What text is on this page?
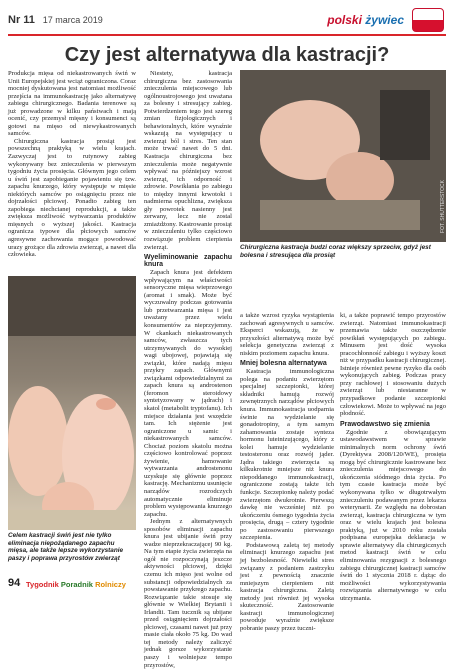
Nr 11 17 marca 2019	polski żywiec
Czy jest alternatywa dla kastracji?

Produkcja mięsa od niekastrowanych świń w Unii Europejskiej jest wciąż ograniczona. Coraz mocniej dyskutowana jest natomiast możliwość przejścia na immunokastrację jako alternatywę zabiegu chirurgicznego. Badania terenowe są już prowadzone w kilku państwach i mają ocenić, czy przemysł mięsny i konsumenci są gotowi na mięso od niewykastrowanych samców.

Chirurgiczna kastracja prosiąt jest powszechną praktyką w wielu krajach. Zazwyczaj jest to rutynowy zabieg wykonywany bez znieczulenia w pierwszym tygodniu życia prosięcia. Głównym jego celem u świń jest zapobieganie pojawieniu się tzw. zapachu knurzego, który występuje w mięsie niektórych samców po osiągnięciu przez nie dojrzałości płciowej. Ponadto zabieg ten zapobiega niechcianej reprodukcji, a także zwiększa możliwość wytwarzania produktów mięsnych o wyższej jakości. Kastracja ogranicza typowe dla płciowych samców agresywne zachowania mogące powodować urazy grożące dla zdrowia zwierząt, a nawet dla człowieka.

Celem kastracji świń jest nie tylko eliminacja niepożądanego zapachu mięsa, ale także lepsze wykorzystanie paszy i poprawa przyrostów zwierząt

Niestety, kastracja chirurgiczna bez zastosowania znieczulenia miejscowego lub ogólnoustrojowego jest uważana za bolesny i stresujący zabieg. Potwierdzeniem tego jest szereg zmian fizjologicznych i behawioralnych, które wyraźnie wskazują na występujący u zwierząt ból i stres. Ten stan może trwać nawet do 5 dni. Kastracja chirurgiczna bez znieczulenia może negatywnie wpływać na późniejszy wzrost zwierząt, ich odporność i zdrowie. Powikłania po zabiegu to między innymi krwotoki i nadmierna opuchlizna, zwiększa gły powrotek nasienny jest zerwany, lecz nie zostal zmiażdżony. Kastrowanie prosiąt w znieczuleniu tylko częściowo rozwiązuje problem cierpienia zwierząt.

Wyeliminowanie zapachu knura

Zapach knura jest defektem wpływającym na właściwości sensoryczne mięsa wieprzowego (aromat i smak). Może być wyczuwalny podczas gotowania lub przetwarzania mięsa i jest uważany przez wielu konsumentów za nieprzyjemny. W ckankach niekastrowanych samców, zwłaszcza tych utrzymywanych do wysokiej wagi ubojowej, pojawiają się związki, które nadają mięsu przykry zapach. Głównymi związkami odpowiedzialnymi za zapach knura są androstenon (feromon steroidowy syntetyzowany w jądrach) i skatol (metabolit tryptofanu). Ich miejsce działania jest wszędzie tam. Ich stężenie jest ograniczone u samic i niekastrowanych samców. Chociaż poziom skatolu można częściowo kontrolować poprzez żywienie, hamowanie wytwarzania androstenonu uzyskuje się głównie poprzez kastrację. Mechanizmu usunięcie narządów rozrodczych automatycznie eliminuje problem występowania knurzego zapachu.

Jednym z alternatywnych sposobów eliminacji zapachu knura jest ubijanie świń przy wadze nieprzekraczającej 90 kg. Na tym etapie życia zwierzęta na ogół nie rozpoczynają jeszcze aktywności płciowej, dzięki czemu ich mięso jest wolne od substancji odpowiedzialnych za powstawanie przykrego zapachu. Rozwiązanie takie stosuje się głównie w Wielkiej Brytanii i Irlandii. Tam tucznik są ubijane przed osiągnięciem dojrzałości płciowej, czasami nawet już przy masie ciała około 75 kg. Do wad tej metody należy zaliczyć jednak gorsze wykorzystanie paszy i wolniejsze tempo przyrostów,

FOT. SHUTTERSTOCK
Chirurgiczna kastracja budzi coraz większy sprzeciw, gdyż jest bolesna i stresująca dla prosiąt

a także wzrost ryzyka wystąpienia zachowań agresywnych u samców. Eksperci wskazują, że w przyszłości alternatywą może być selekcja genetyczna zwierząt z niskim poziomem zapachu knura.

Mniej bolesna alternatywa

Kastracja immunologiczna polega na podaniu zwierzętom specjalnej szczepionki, której składniki hamują rozwój zewnętrznych narządów płciowych knura. Immunokastracja uodparnia świnie na wydzielanie się gonadotropiny, a tym samym zahamowania zostaje synteza hormonu luteinizującego, który z kolei hamuje wydzielanie testosteronu oraz rozwój jąder. Jądra takiego zwierzęcia są kilkukrotnie mniejsze niż knura niepoddanego immunokastracji, ograniczone zostają także ich funkcje. Szczepionkę należy podać zwierzętom dwukrotnie. Pierwszą dawkę nie wcześniej niż po ukończeniu ósmego tygodnia życia prosięcia, drugą – cztery tygodnie po zastosowaniu pierwszego szczepienia.

Podstawową zaletą tej metody eliminacji knurzego zapachu jest jej bezbolesność. Niewielki stres związany z podaniem zastrzyku jest z pewnością znacznie mniejszym cierpieniem niż kastracja chirurgiczna. Zaletą metody jest również jej wysoka skuteczność. Zastosowanie kastracji immunologicznej powoduje wyraźnie zwiększe pobranie paszy przez tuczni-

ki, a także poprawić tempo przyrostów zwierząt. Natomiast immunokastracji przemawia także oszczędzenie powikłań występujących po zabiegu. Minusem jest dość wysoka pracochłonność zabiegu i wyższy koszt niż w przypadku kastracji chirurgicznej. Istnieje również pewne ryzyko dla osób wykonujących zabieg. Podczas pracy przy rachłowej i stosowaniu dużych zwierząt lub niestaranne w przypadkowe podanie szczepionki człowiekowi. Może to wpływać na jego płodność.

Prawodawstwo się zmienia

Zgodnie z obowiązującym ustawodawstwem w sprawie minimalnych norm ochrony świń (Dyrektywa 2008/120/WE), prosięta mogą być chirurgicznie kastrowane bez znieczulenia miejscowego do ukończenia siódmego dnia życia. Po tym czasie kastracja może być wykonywana tylko w długotrwałym znieczuleniu podawanym przez lekarza weterynarii. Ze względu na dobrostan zwierząt, kastracja chirurgiczna w tym oraz w wielu krajach jest bolesna praktyką, już w 2010 roku została podpisana europejska deklaracja w sprawie alternatywy dla chirurgicznych metod kastracji świń w celu eliminowania rezygnacji z bolesnego zabiegu chirurgicznej kastracji samców świń do 1 stycznia 2018 r. dążąc do możliwości wykorzystywania rozwiązania alternatywnego w celu utrzymania.

94 Tygodnik Poradnik Rolniczy
